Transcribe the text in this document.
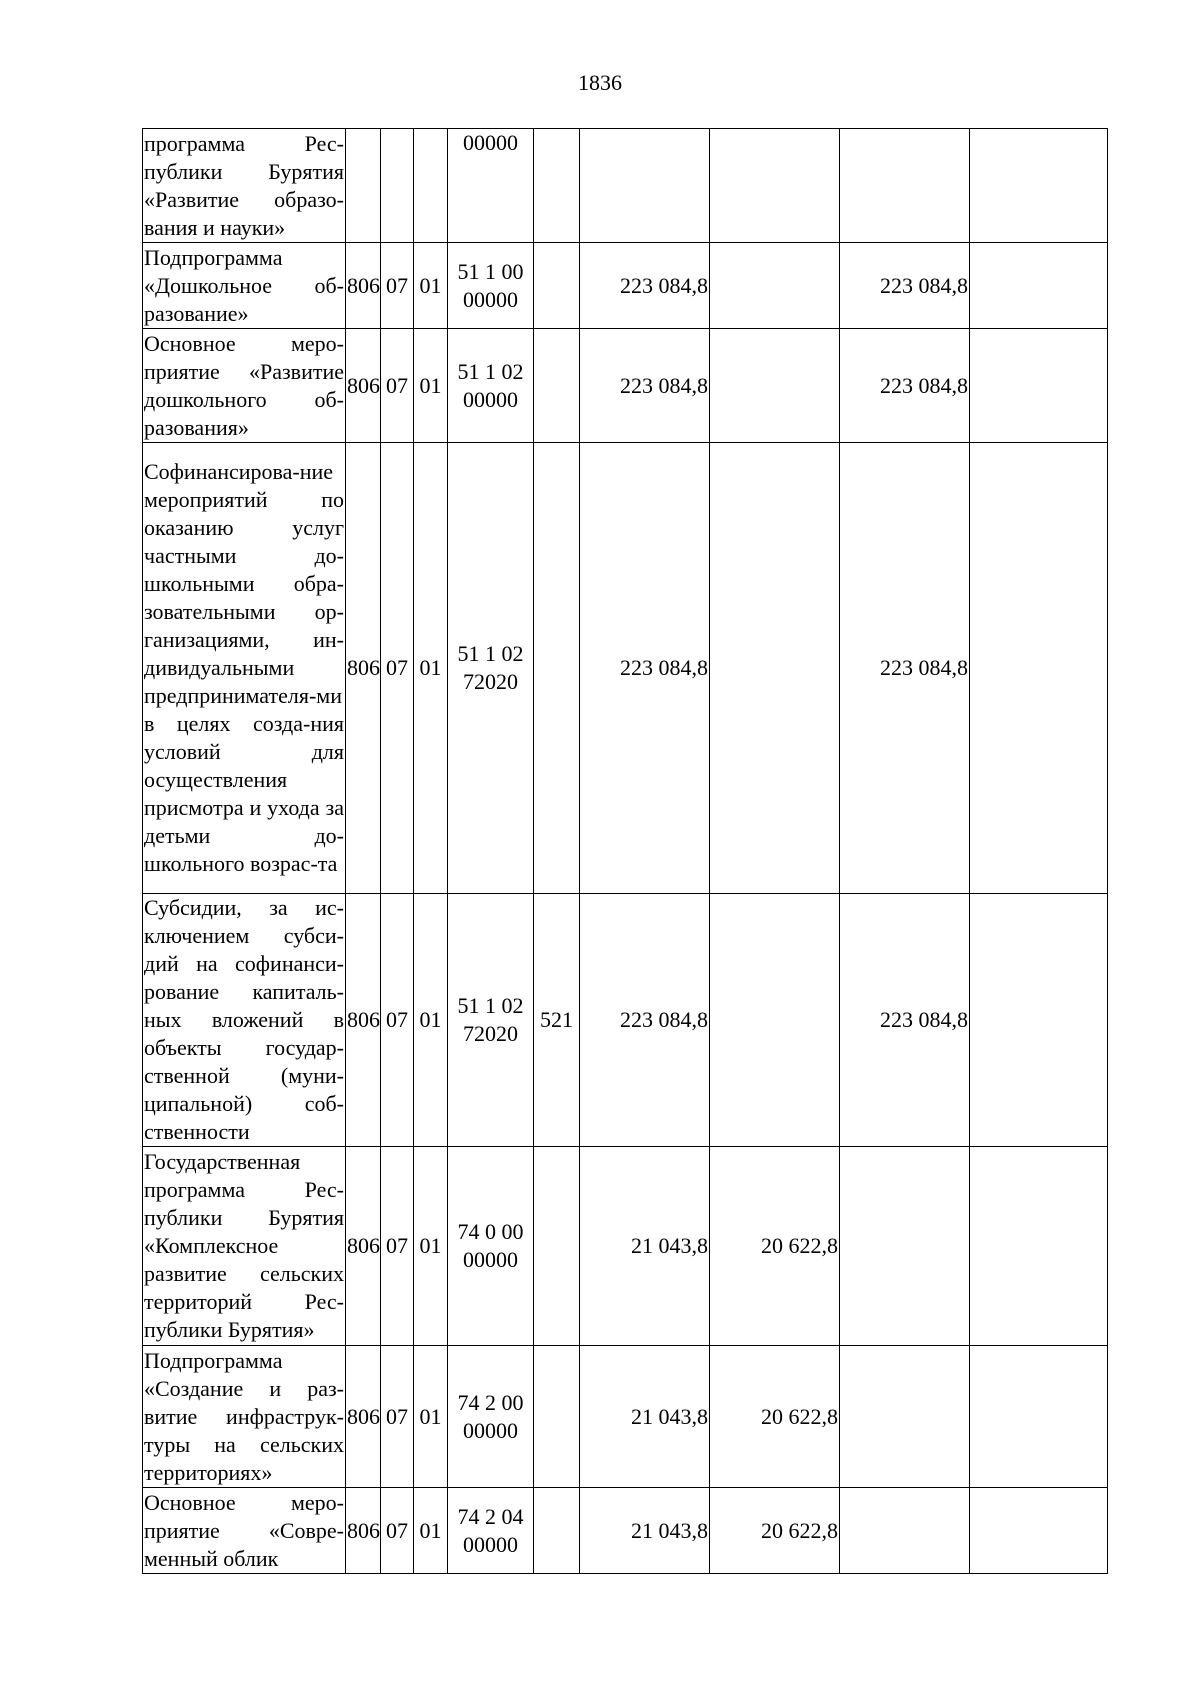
1836
программа Рес-публики Бурятия «Развитие образо-вания и науки»				00000					
Подпрограмма «Дошкольное об-разование»	806	07	01	51 1 00 00000		223 084,8		223 084,8	
Основное меро-приятие «Развитие дошкольного об-разования»	806	07	01	51 1 02 00000		223 084,8		223 084,8	
Софинансирова-ние мероприятий по оказанию услуг частными до-школьными обра-зовательными ор-ганизациями, ин-дивидуальными предпринимателя-ми в целях созда-ния условий для осуществления присмотра и ухода за детьми до-школьного возрас-та	806	07	01	51 1 02 72020		223 084,8		223 084,8	
Субсидии, за ис-ключением субси-дий на софинанси-рование капиталь-ных вложений в объекты государ-ственной (муни-ципальной) соб-ственности	806	07	01	51 1 02 72020	521	223 084,8		223 084,8	
Государственная программа Рес-публики Бурятия «Комплексное развитие сельских территорий Рес-публики Бурятия»	806	07	01	74 0 00 00000		21 043,8	20 622,8		
Подпрограмма «Создание и раз-витие инфраструк-туры на сельских территориях»	806	07	01	74 2 00 00000		21 043,8	20 622,8		
Основное меро-приятие «Совре-менный облик	806	07	01	74 2 04 00000		21 043,8	20 622,8		
